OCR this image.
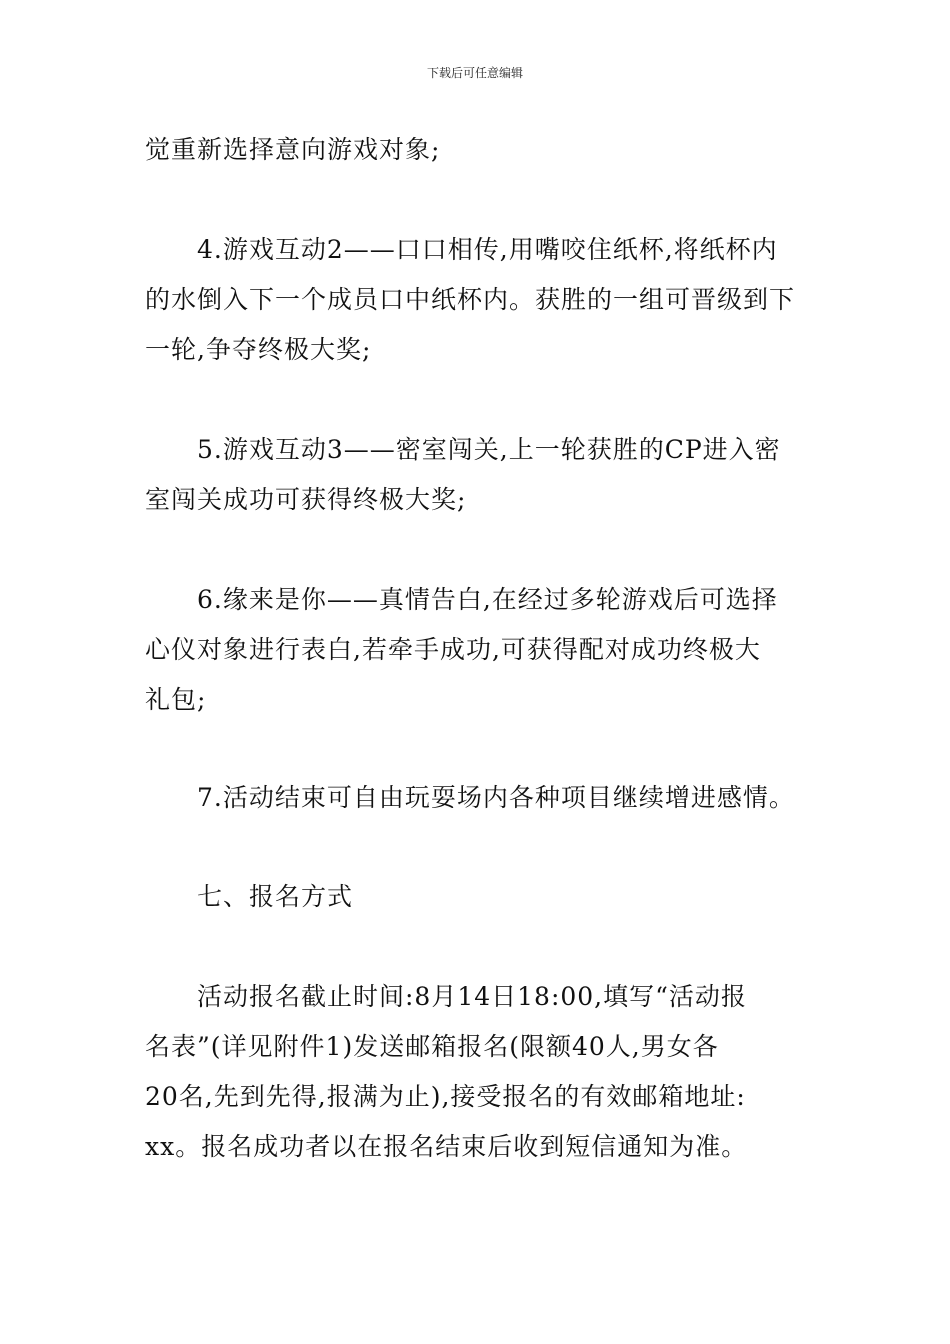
下载后可任意编辑
觉重新选择意向游戏对象;
4.游戏互动2——口口相传,用嘴咬住纸杯,将纸杯内
的水倒入下一个成员口中纸杯内。获胜的一组可晋级到下
一轮,争夺终极大奖;
5.游戏互动3——密室闯关,上一轮获胜的CP进入密
室闯关成功可获得终极大奖;
6.缘来是你——真情告白,在经过多轮游戏后可选择
心仪对象进行表白,若牵手成功,可获得配对成功终极大
礼包;
7.活动结束可自由玩耍场内各种项目继续增进感情。
七、报名方式
活动报名截止时间:8月14日18:00,填写“活动报
名表”(详见附件1)发送邮箱报名(限额40人,男女各
20名,先到先得,报满为止),接受报名的有效邮箱地址:
xx。报名成功者以在报名结束后收到短信通知为准。
